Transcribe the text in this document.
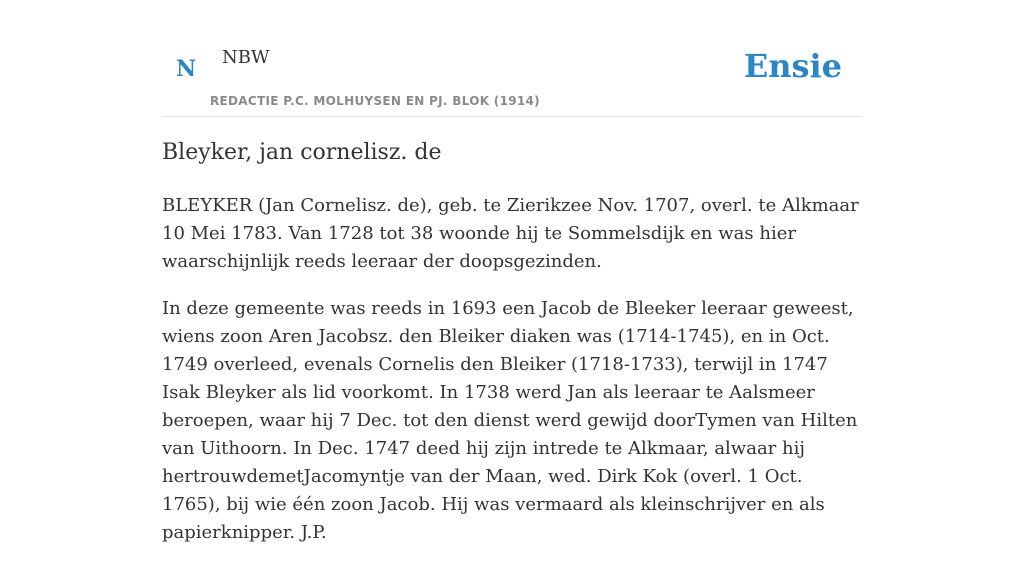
N NBW
REDACTIE P.C. MOLHUYSEN EN PJ. BLOK (1914)
Ensie
Bleyker, jan cornelisz. de

BLEYKER (Jan Cornelisz. de), geb. te Zierikzee Nov. 1707, overl. te Alkmaar 10 Mei 1783. Van 1728 tot 38 woonde hij te Sommelsdijk en was hier waarschijnlijk reeds leeraar der doopsgezinden.

In deze gemeente was reeds in 1693 een Jacob de Bleeker leeraar geweest, wiens zoon Aren Jacobsz. den Bleiker diaken was (1714-1745), en in Oct. 1749 overleed, evenals Cornelis den Bleiker (1718-1733), terwijl in 1747 Isak Bleyker als lid voorkomt. In 1738 werd Jan als leeraar te Aalsmeer beroepen, waar hij 7 Dec. tot den dienst werd gewijd doorTymen van Hilten van Uithoorn. In Dec. 1747 deed hij zijn intrede te Alkmaar, alwaar hij hertrouwdemetJacomyntje van der Maan, wed. Dirk Kok (overl. 1 Oct. 1765), bij wie één zoon Jacob. Hij was vermaard als kleinschrijver en als papierknipper. J.P.
